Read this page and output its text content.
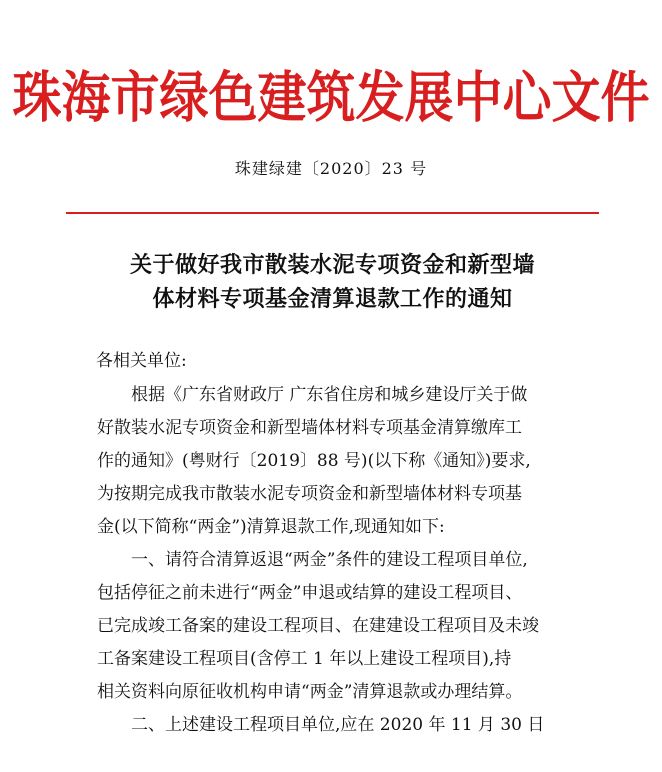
珠海市绿色建筑发展中心文件
珠建绿建〔2020〕23 号
关于做好我市散装水泥专项资金和新型墙
体材料专项基金清算退款工作的通知
各相关单位:
根据《广东省财政厅 广东省住房和城乡建设厅关于做
好散装水泥专项资金和新型墙体材料专项基金清算缴库工
作的通知》(粤财行〔2019〕88 号)(以下称《通知》)要求,
为按期完成我市散装水泥专项资金和新型墙体材料专项基
金(以下简称“两金”)清算退款工作,现通知如下:
一、请符合清算返退“两金”条件的建设工程项目单位,
包括停征之前未进行“两金”申退或结算的建设工程项目、
已完成竣工备案的建设工程项目、在建建设工程项目及未竣
工备案建设工程项目(含停工 1 年以上建设工程项目),持
相关资料向原征收机构申请“两金”清算退款或办理结算。
二、上述建设工程项目单位,应在 2020 年 11 月 30 日
